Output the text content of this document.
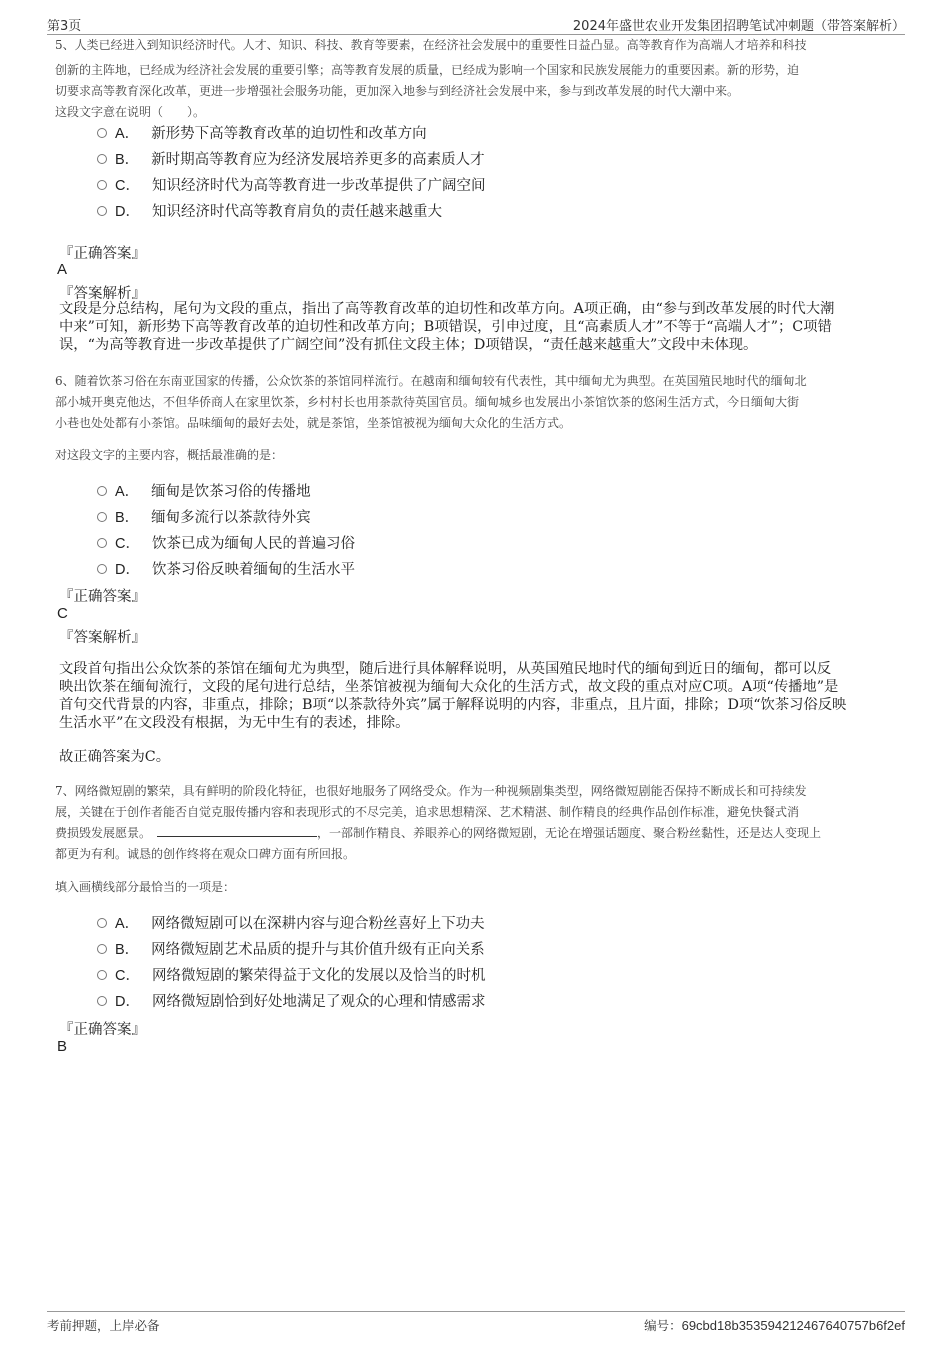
第3页	2024年盛世农业开发集团招聘笔试冲刺题（带答案解析）
5、人类已经进入到知识经济时代。人才、知识、科技、教育等要素，在经济社会发展中的重要性日益凸显。高等教育作为高端人才培养和科技
创新的主阵地，已经成为经济社会发展的重要引擎；高等教育发展的质量，已经成为影响一个国家和民族发展能力的重要因素。新的形势，迫
切要求高等教育深化改革，更进一步增强社会服务功能，更加深入地参与到经济社会发展中来，参与到改革发展的时代大潮中来。
这段文字意在说明（　　）。
A． 新形势下高等教育改革的迫切性和改革方向
B． 新时期高等教育应为经济发展培养更多的高素质人才
C． 知识经济时代为高等教育进一步改革提供了广阔空间
D． 知识经济时代高等教育肩负的责任越来越重大
『正确答案』
A
『答案解析』
文段是分总结构，尾句为文段的重点，指出了高等教育改革的迫切性和改革方向。A项正确，由“参与到改革发展的时代大潮
中来”可知，新形势下高等教育改革的迫切性和改革方向；B项错误，引申过度，且“高素质人才”不等于“高端人才”；C项错
误，“为高等教育进一步改革提供了广阔空间”没有抓住文段主体；D项错误，“责任越来越重大”文段中未体现。
6、随着饮茶习俗在东南亚国家的传播，公众饮茶的茶馆同样流行。在越南和缅甸较有代表性，其中缅甸尤为典型。在英国殖民地时代的缅甸北
部小城开奥克他达，不但华侨商人在家里饮茶，乡村村长也用茶款待英国官员。缅甸城乡也发展出小茶馆饮茶的悠闲生活方式，今日缅甸大街
小巷也处处都有小茶馆。品味缅甸的最好去处，就是茶馆，坐茶馆被视为缅甸大众化的生活方式。
对这段文字的主要内容，概括最准确的是：
A． 缅甸是饮茶习俗的传播地
B． 缅甸多流行以茶款待外宾
C． 饮茶已成为缅甸人民的普遍习俗
D． 饮茶习俗反映着缅甸的生活水平
『正确答案』
C
『答案解析』
文段首句指出公众饮茶的茶馆在缅甸尤为典型，随后进行具体解释说明，从英国殖民地时代的缅甸到近日的缅甸，都可以反
映出饮茶在缅甸流行，文段的尾句进行总结，坐茶馆被视为缅甸大众化的生活方式，故文段的重点对应C项。A项“传播地”是
首句交代背景的内容，非重点，排除；B项“以茶款待外宾”属于解释说明的内容，非重点，且片面，排除；D项“饮茶习俗反映
生活水平”在文段没有根据，为无中生有的表述，排除。
故正确答案为C。
7、网络微短剧的繁荣，具有鲜明的阶段化特征，也很好地服务了网络受众。作为一种视频剧集类型，网络微短剧能否保持不断成长和可持续发
展，关键在于创作者能否自觉克服传播内容和表现形式的不尽完美，追求思想精深、艺术精湛、制作精良的经典作品创作标准，避免快餐式消
费损毁发展愿景。	，一部制作精良、养眼养心的网络微短剧，无论在增强话题度、聚合粉丝黏性，还是达人变现上
都更为有利。诚恳的创作终将在观众口碑方面有所回报。
填入画横线部分最恰当的一项是：
A． 网络微短剧可以在深耕内容与迎合粉丝喜好上下功夫
B． 网络微短剧艺术品质的提升与其价值升级有正向关系
C． 网络微短剧的繁荣得益于文化的发展以及恰当的时机
D． 网络微短剧恰到好处地满足了观众的心理和情感需求
『正确答案』
B
考前押题，上岸必备	编号：69cbd18b35359421246764075​7b6f2ef
